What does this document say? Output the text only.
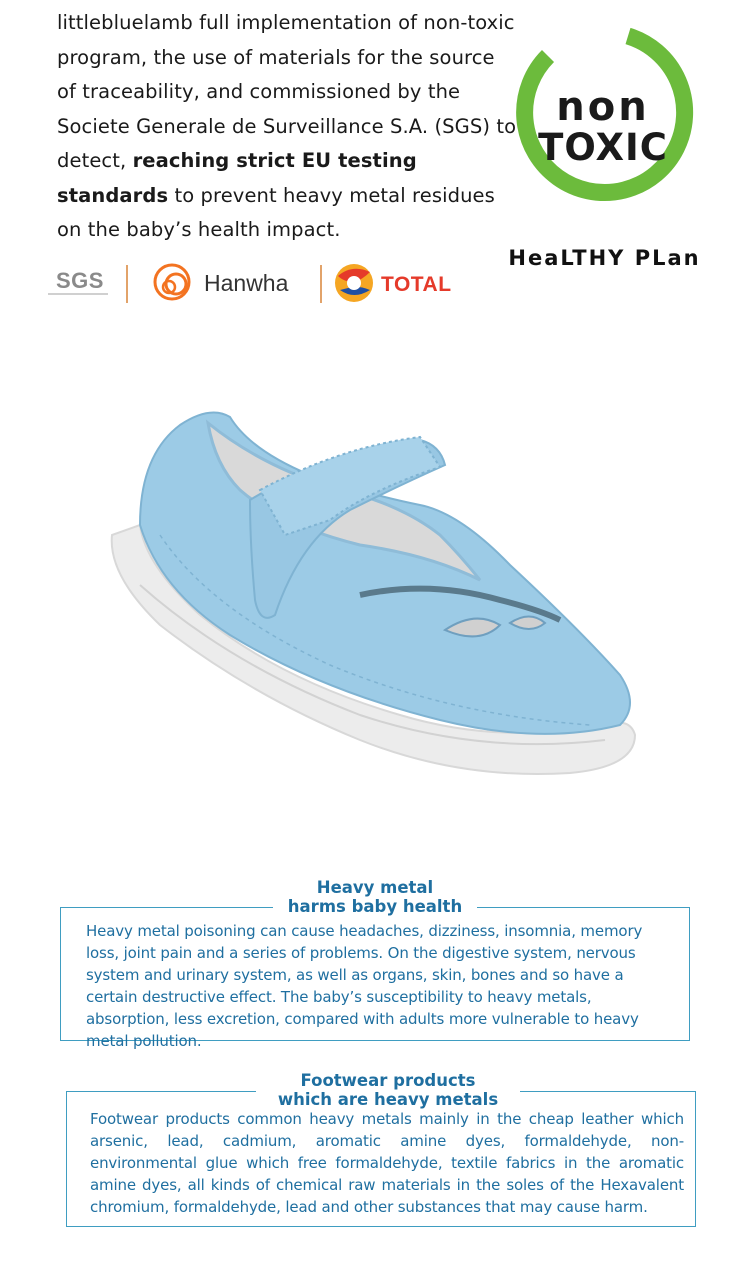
littlebluelamb full implementation of non-toxic program, the use of materials for the source of traceability, and commissioned by the Societe Generale de Surveillance S.A. (SGS) to detect, reaching strict EU testing standards to prevent heavy metal residues on the baby’s health impact.
non
TOXIC
HeaLTHY PLan
SGS	Hanwha	TOTAL
Heavy metal
harms baby health
Heavy metal poisoning can cause headaches, dizziness, insomnia, memory loss, joint pain and a series of problems. On the digestive system, nervous system and urinary system, as well as organs, skin, bones and so have a certain destructive effect. The baby’s susceptibility to heavy metals, absorption, less excretion, compared with adults more vulnerable to heavy metal pollution.
Footwear products
which are heavy metals
Footwear products common heavy metals mainly in the cheap leather which arsenic, lead, cadmium, aromatic amine dyes, formaldehyde, non-environmental glue which free formaldehyde, textile fabrics in the aromatic amine dyes, all kinds of chemical raw materials in the soles of the Hexavalent chromium, formaldehyde, lead and other substances that may cause harm.
